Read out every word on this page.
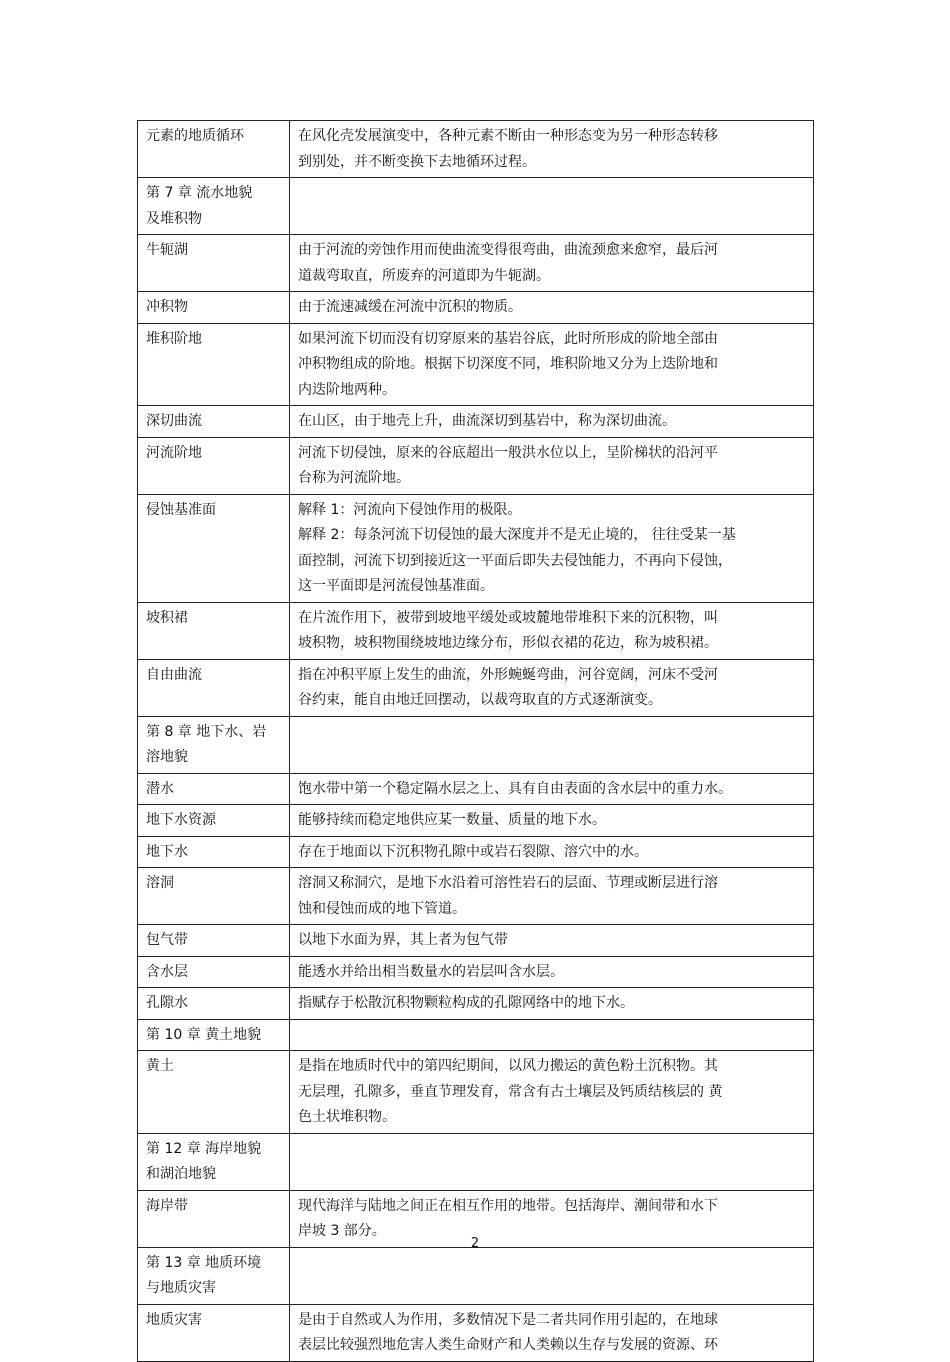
元素的地质循环	在风化壳发展演变中，各种元素不断由一种形态变为另一种形态转移
到别处，并不断变换下去地循环过程。

第 7 章 流水地貌
及堆积物	

牛轭湖	由于河流的旁蚀作用而使曲流变得很弯曲，曲流颈愈来愈窄，最后河
道裁弯取直，所废弃的河道即为牛轭湖。

冲积物	由于流速减缓在河流中沉积的物质。

堆积阶地	如果河流下切而没有切穿原来的基岩谷底，此时所形成的阶地全部由
冲积物组成的阶地。根据下切深度不同，堆积阶地又分为上迭阶地和
内迭阶地两种。

深切曲流	在山区，由于地壳上升，曲流深切到基岩中，称为深切曲流。

河流阶地	河流下切侵蚀，原来的谷底超出一般洪水位以上，呈阶梯状的沿河平
台称为河流阶地。

侵蚀基准面	解释 1：河流向下侵蚀作用的极限。
解释 2：每条河流下切侵蚀的最大深度并不是无止境的， 往往受某一基
面控制，河流下切到接近这一平面后即失去侵蚀能力，不再向下侵蚀，
这一平面即是河流侵蚀基准面。

坡积裙	在片流作用下，被带到坡地平缓处或坡麓地带堆积下来的沉积物，叫
坡积物，坡积物围绕坡地边缘分布，形似衣裙的花边，称为坡积裙。

自由曲流	指在冲积平原上发生的曲流，外形蜿蜒弯曲，河谷宽阔，河床不受河
谷约束，能自由地迁回摆动，以裁弯取直的方式逐渐演变。

第 8 章 地下水、岩
溶地貌	

潜水	饱水带中第一个稳定隔水层之上、具有自由表面的含水层中的重力水。

地下水资源	能够持续而稳定地供应某一数量、质量的地下水。

地下水	存在于地面以下沉积物孔隙中或岩石裂隙、溶穴中的水。

溶洞	溶洞又称洞穴，是地下水沿着可溶性岩石的层面、节理或断层进行溶
蚀和侵蚀而成的地下管道。

包气带	以地下水面为界，其上者为包气带

含水层	能透水并给出相当数量水的岩层叫含水层。

孔隙水	指赋存于松散沉积物颗粒构成的孔隙网络中的地下水。

第 10 章 黄土地貌	

黄土	是指在地质时代中的第四纪期间，以风力搬运的黄色粉土沉积物。其
无层理，孔隙多，垂直节理发育，常含有古土壤层及钙质结核层的 黄
色土状堆积物。

第 12 章 海岸地貌
和湖泊地貌	

海岸带	现代海洋与陆地之间正在相互作用的地带。包括海岸、潮间带和水下
岸坡 3 部分。

第 13 章 地质环境
与地质灾害	

地质灾害	是由于自然或人为作用，多数情况下是二者共同作用引起的，在地球
表层比较强烈地危害人类生命财产和人类赖以生存与发展的资源、环
2
